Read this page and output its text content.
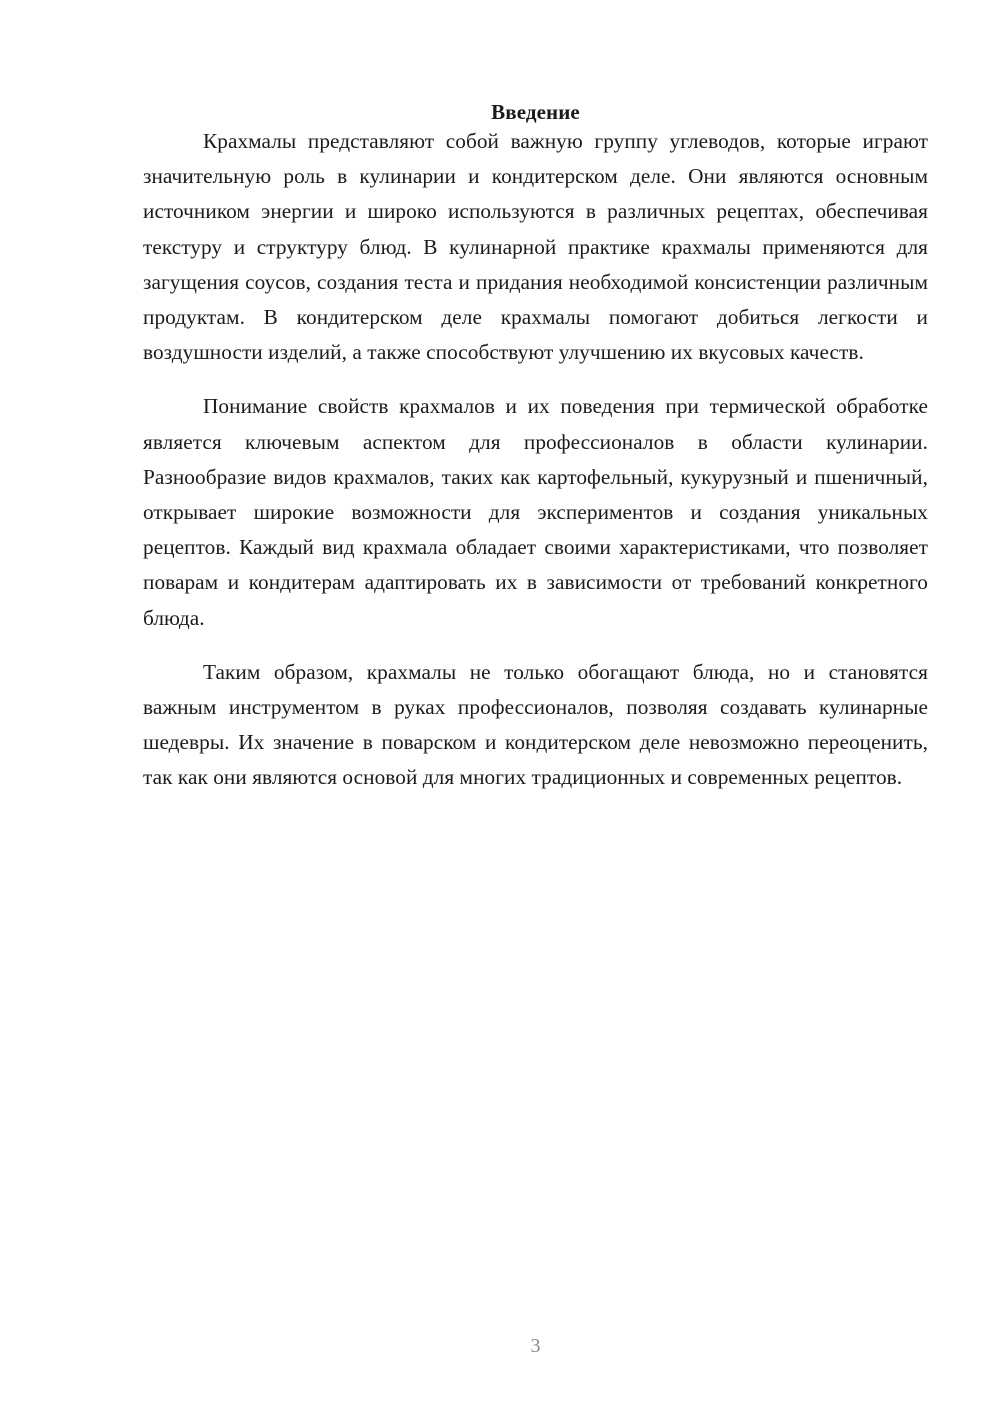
Введение

Крахмалы представляют собой важную группу углеводов, которые играют значительную роль в кулинарии и кондитерском деле. Они являются основным источником энергии и широко используются в различных рецептах, обеспечивая текстуру и структуру блюд. В кулинарной практике крахмалы применяются для загущения соусов, создания теста и придания необходимой консистенции различным продуктам. В кондитерском деле крахмалы помогают добиться легкости и воздушности изделий, а также способствуют улучшению их вкусовых качеств.

Понимание свойств крахмалов и их поведения при термической обработке является ключевым аспектом для профессионалов в области кулинарии. Разнообразие видов крахмалов, таких как картофельный, кукурузный и пшеничный, открывает широкие возможности для экспериментов и создания уникальных рецептов. Каждый вид крахмала обладает своими характеристиками, что позволяет поварам и кондитерам адаптировать их в зависимости от требований конкретного блюда.

Таким образом, крахмалы не только обогащают блюда, но и становятся важным инструментом в руках профессионалов, позволяя создавать кулинарные шедевры. Их значение в поварском и кондитерском деле невозможно переоценить, так как они являются основой для многих традиционных и современных рецептов.

3
